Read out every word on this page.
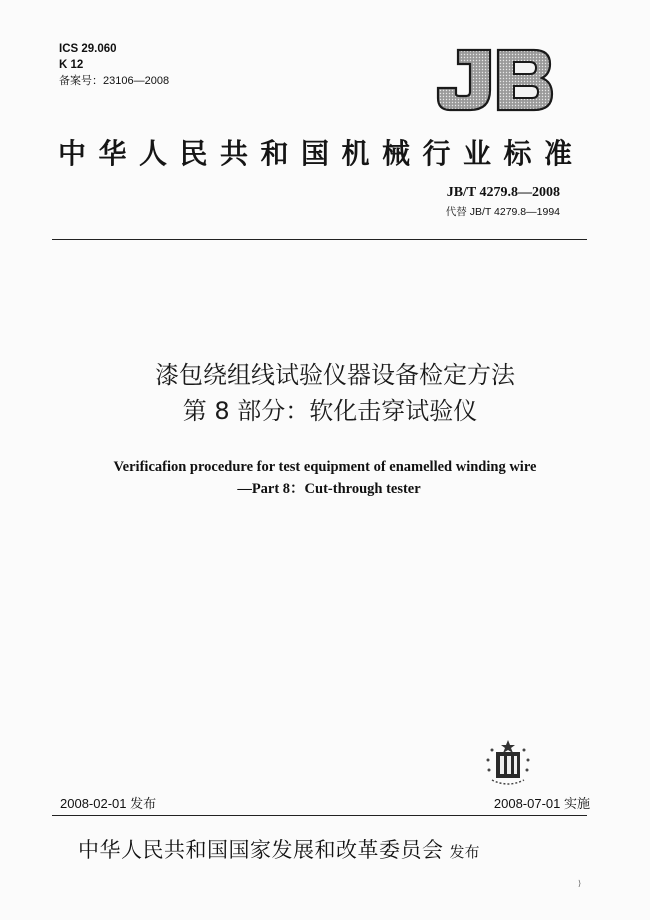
ICS 29.060
K 12
备案号：23106—2008
中华人民共和国机械行业标准
JB/T 4279.8—2008
代替 JB/T 4279.8—1994
漆包绕组线试验仪器设备检定方法
第 8 部分：软化击穿试验仪
Verificafion procedure for test equipment of enamelled winding wire
—Part 8：Cut-through tester
2008-02-01 发布	2008-07-01 实施
中华人民共和国国家发展和改革委员会 发布
⟩
